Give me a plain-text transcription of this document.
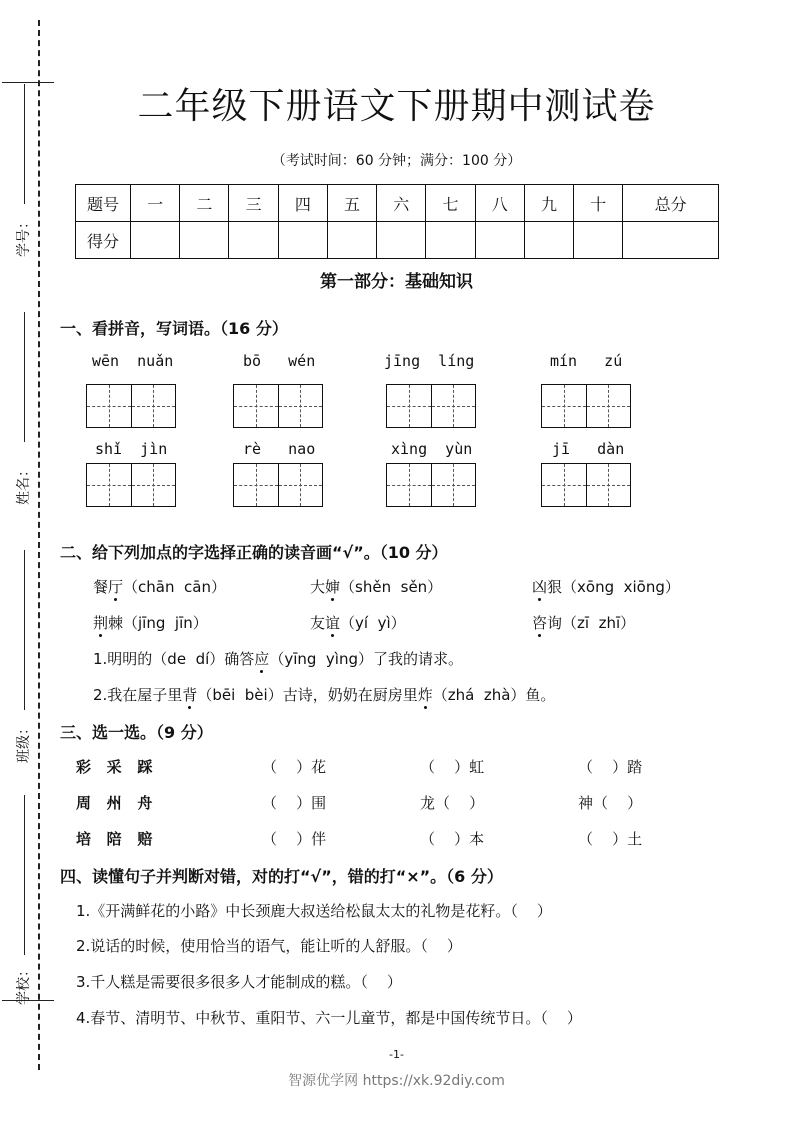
学号：
姓名：
班级：
学校：
二年级下册语文下册期中测试卷
（考试时间：60 分钟；满分：100 分）
题号	一	二	三	四	五	六	七	八	九	十	总分
得分											
第一部分：基础知识
一、看拼音，写词语。（16 分）
wēn  nuǎn	bō   wén	jīng  líng	mín   zú
shǐ  jìn	rè   nao	xìng  yùn	jī   dàn
二、给下列加点的字选择正确的读音画“√”。（10 分）
餐厅（chān  cān）	大婶（shěn  sěn）	凶狠（xōng  xiōng）
荆棘（jīng  jīn）	友谊（yí  yì）	咨询（zī  zhī）
1.明明的（de  dí）确答应（yīng  yìng）了我的请求。
2.我在屋子里背（bēi  bèi）古诗，奶奶在厨房里炸（zhá  zhà）鱼。
三、选一选。（9 分）
彩   采   踩	（    ）花	（    ）虹	（    ）踏
周   州   舟	（    ）围	龙（    ）	神（    ）
培   陪   赔	（    ）伴	（    ）本	（    ）土
四、读懂句子并判断对错，对的打“√”，错的打“×”。（6 分）
1.《开满鲜花的小路》中长颈鹿大叔送给松鼠太太的礼物是花籽。（    ）
2.说话的时候，使用恰当的语气，能让听的人舒服。（    ）
3.千人糕是需要很多很多人才能制成的糕。（    ）
4.春节、清明节、中秋节、重阳节、六一儿童节，都是中国传统节日。（    ）
-1-
智源优学网 https://xk.92diy.com
